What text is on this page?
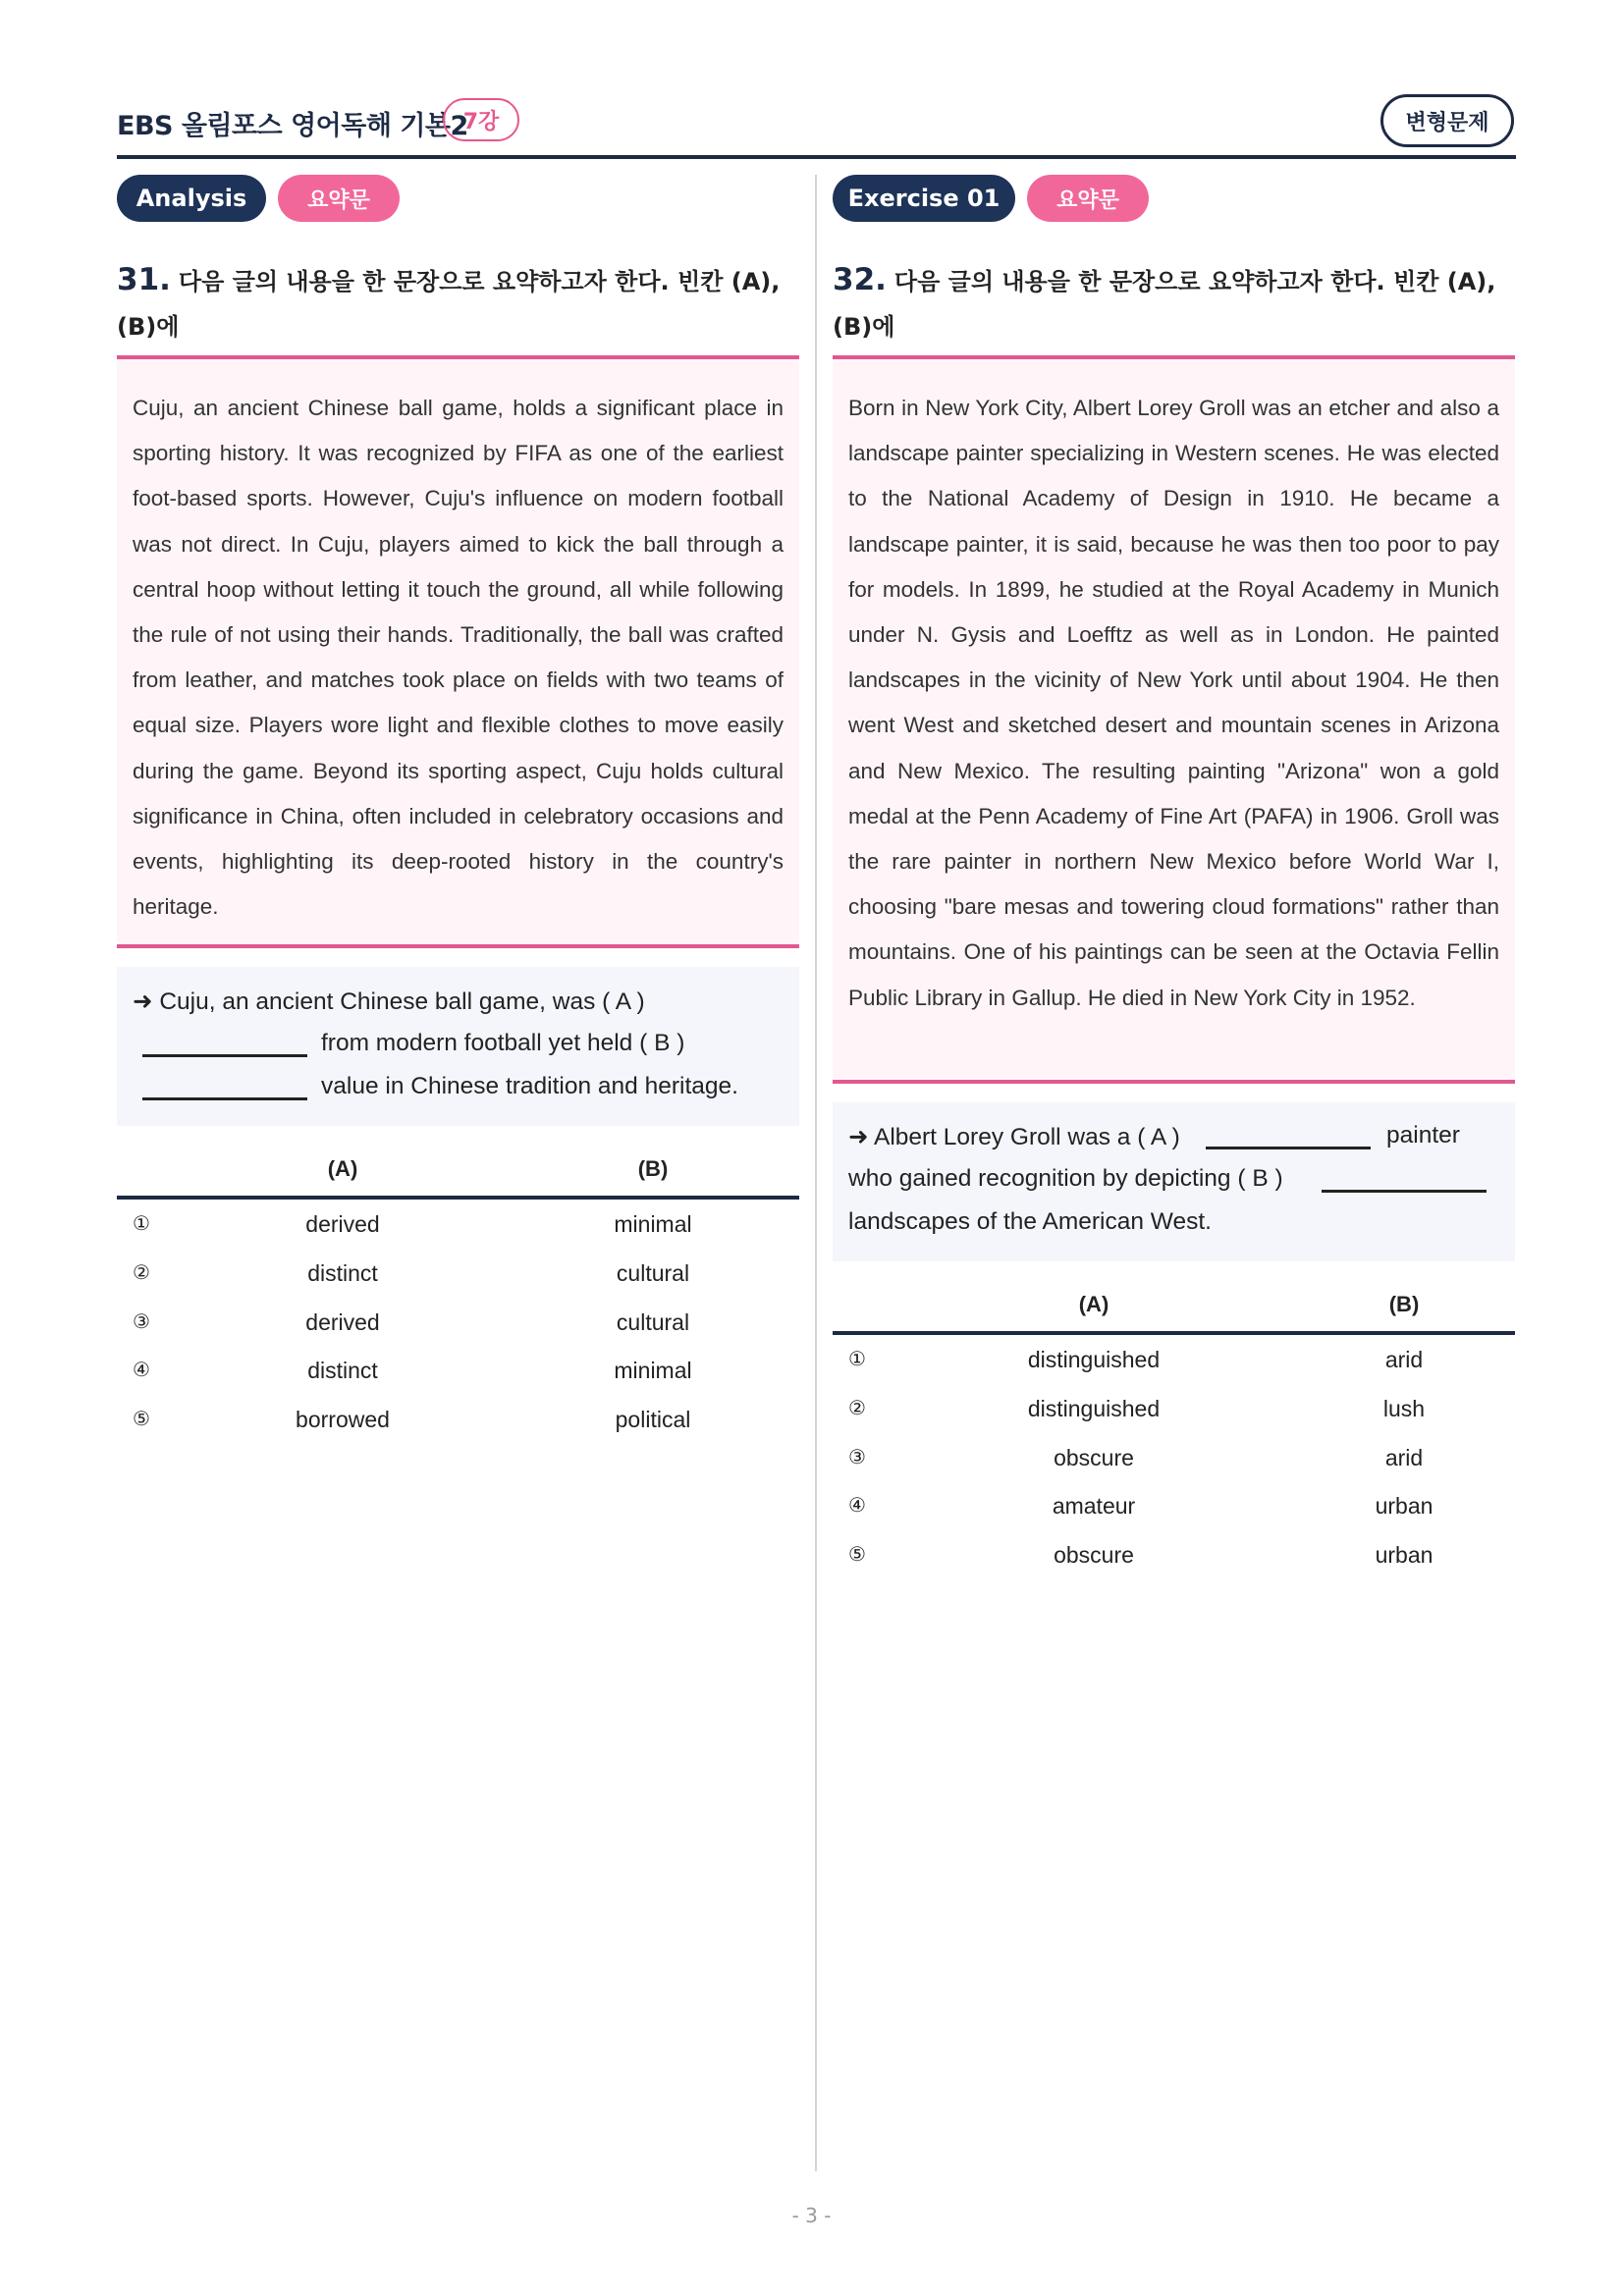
EBS 올림포스 영어독해 기본2
7강	변형문제
Analysis	요약문
31. 다음 글의 내용을 한 문장으로 요약하고자 한다. 빈칸 (A), (B)에

Cuju, an ancient Chinese ball game, holds a significant place in sporting history. It was recognized by FIFA as one of the earliest foot-based sports. However, Cuju's influence on modern football was not direct. In Cuju, players aimed to kick the ball through a central hoop without letting it touch the ground, all while following the rule of not using their hands. Traditionally, the ball was crafted from leather, and matches took place on fields with two teams of equal size. Players wore light and flexible clothes to move easily during the game. Beyond its sporting aspect, Cuju holds cultural significance in China, often included in celebratory occasions and events, highlighting its deep-rooted history in the country's heritage.
➜ Cuju, an ancient Chinese ball game, was ( A )
from modern football yet held ( B )
value in Chinese tradition and heritage.
(A)	(B)
①	derived	minimal
②	distinct	cultural
③	derived	cultural
④	distinct	minimal
⑤	borrowed	political
Exercise 01	요약문
32. 다음 글의 내용을 한 문장으로 요약하고자 한다. 빈칸 (A), (B)에

Born in New York City, Albert Lorey Groll was an etcher and also a landscape painter specializing in Western scenes. He was elected to the National Academy of Design in 1910. He became a landscape painter, it is said, because he was then too poor to pay for models. In 1899, he studied at the Royal Academy in Munich under N. Gysis and Loefftz as well as in London. He painted landscapes in the vicinity of New York until about 1904. He then went West and sketched desert and mountain scenes in Arizona and New Mexico. The resulting painting "Arizona" won a gold medal at the Penn Academy of Fine Art (PAFA) in 1906. Groll was the rare painter in northern New Mexico before World War I, choosing "bare mesas and towering cloud formations" rather than mountains. One of his paintings can be seen at the Octavia Fellin Public Library in Gallup. He died in New York City in 1952.
➜ Albert Lorey Groll was a ( A )	painter
who gained recognition by depicting ( B )
landscapes of the American West.
(A)	(B)
①	distinguished	arid
②	distinguished	lush
③	obscure	arid
④	amateur	urban
⑤	obscure	urban
- 3 -
